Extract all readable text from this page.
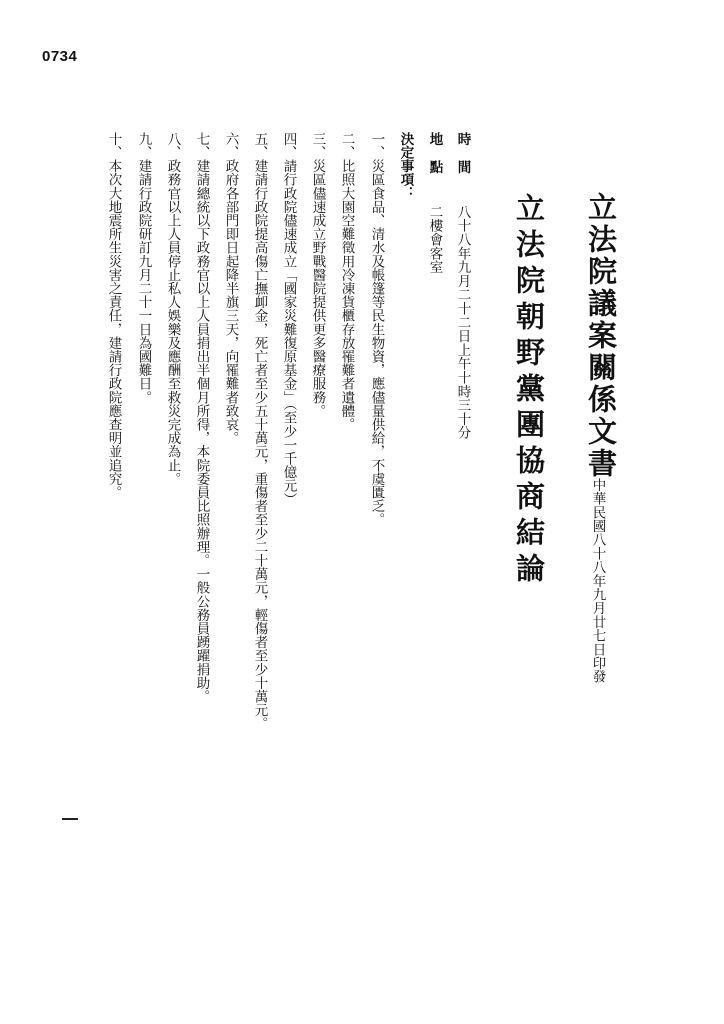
0734
立法院議案關係文書
中華民國八十八年九月廿七日印發
立法院朝野黨團協商結論
時間
八十八年九月二十二日上午十時三十分
地點
二樓會客室
決定事項：
一、災區食品、清水及帳篷等民生物資，應儘量供給，不虞匱乏。
二、比照大園空難徵用冷凍貨櫃存放罹難者遺體。
三、災區儘速成立野戰醫院提供更多醫療服務。
四、請行政院儘速成立「國家災難復原基金」（至少一千億元）
五、建請行政院提高傷亡撫卹金，死亡者至少五十萬元，重傷者至少二十萬元，輕傷者至少十萬元。
六、政府各部門即日起降半旗三天，向罹難者致哀。
七、建請總統以下政務官以上人員捐出半個月所得，本院委員比照辦理。一般公務員踴躍捐助。
八、政務官以上人員停止私人娛樂及應酬至救災完成為止。
九、建請行政院研訂九月二十一日為國難日。
十、本次大地震所生災害之責任，建請行政院應查明並追究。
